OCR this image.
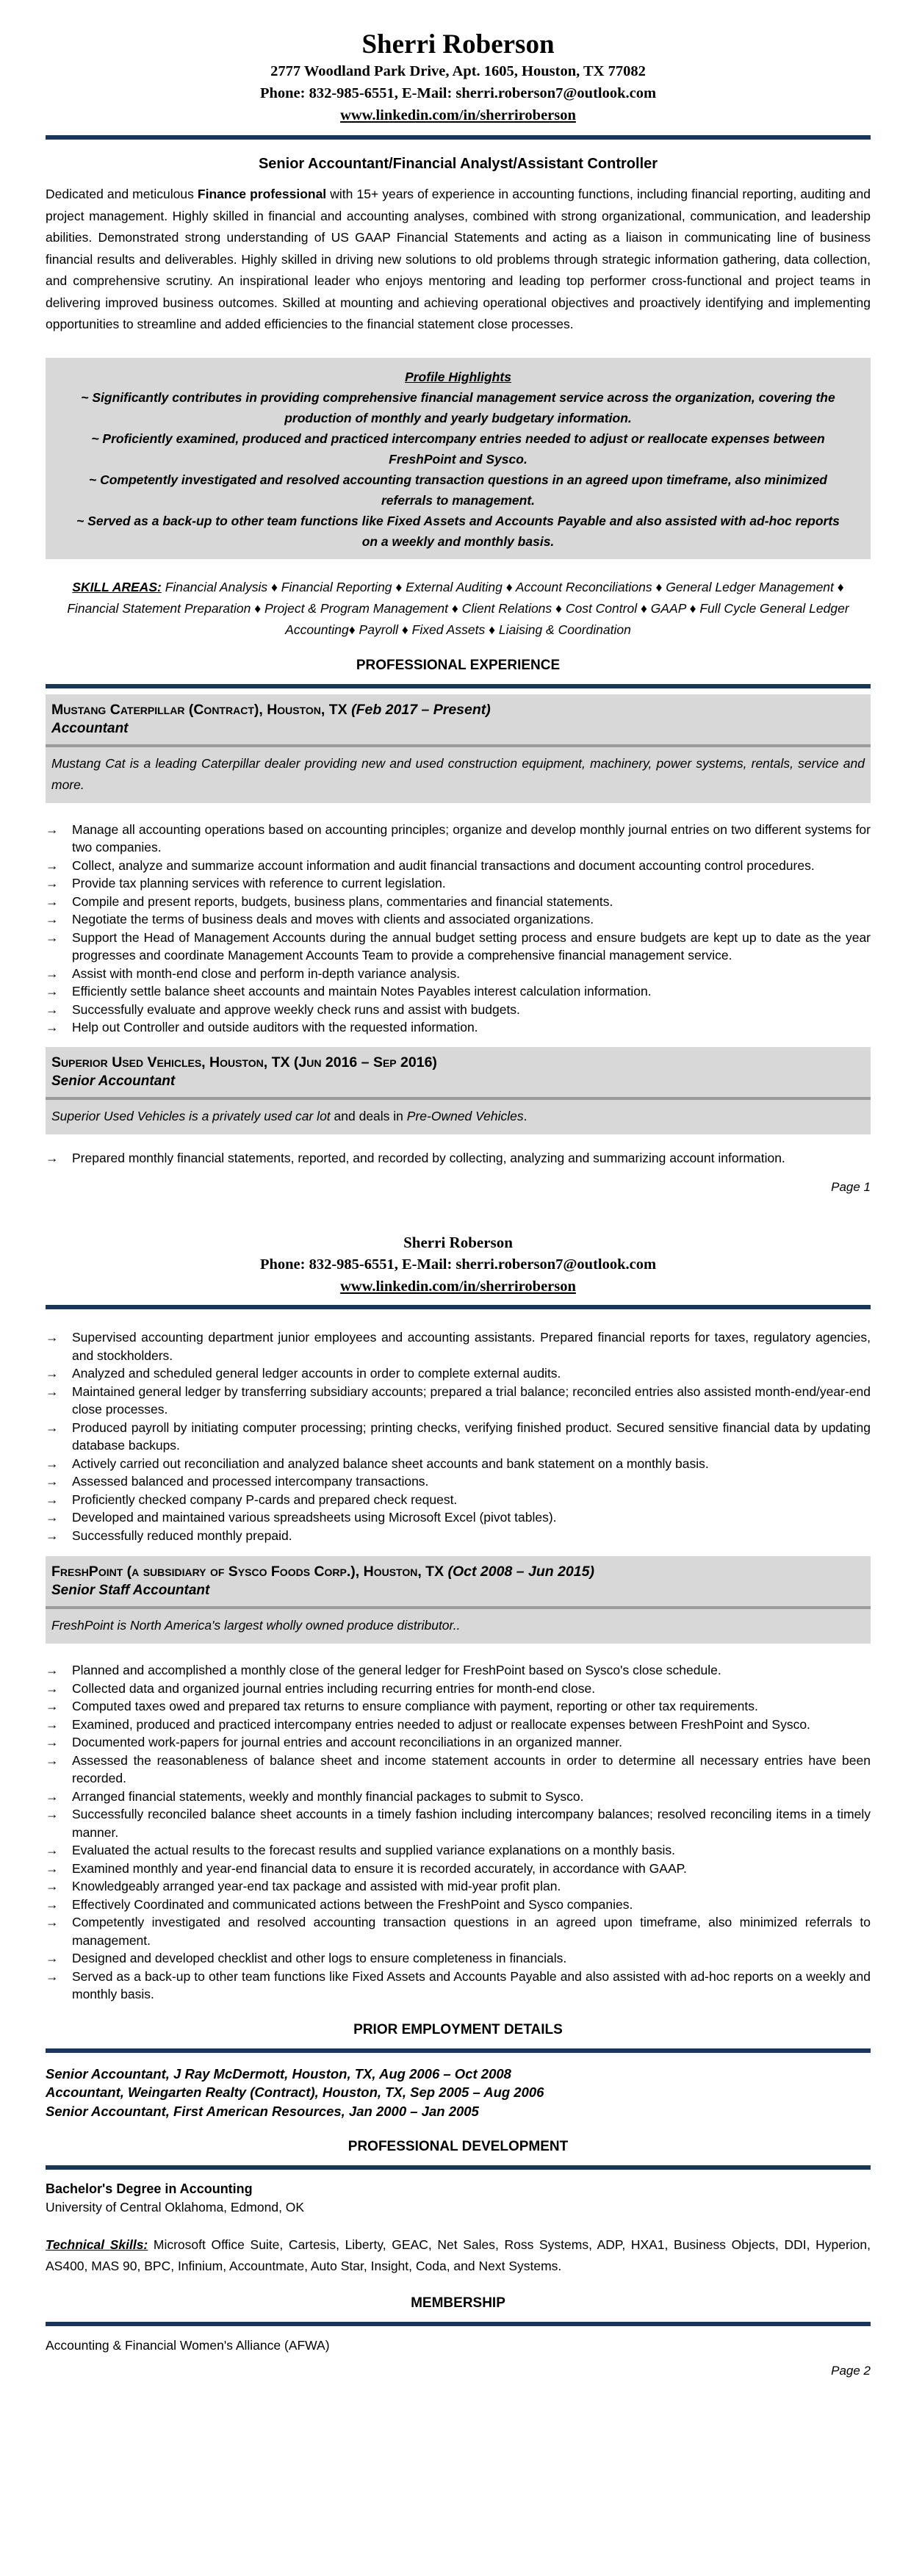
Sherri Roberson
2777 Woodland Park Drive, Apt. 1605, Houston, TX 77082
Phone: 832-985-6551, E-Mail: sherri.roberson7@outlook.com
www.linkedin.com/in/sherriroberson
Senior Accountant/Financial Analyst/Assistant Controller
Dedicated and meticulous Finance professional with 15+ years of experience in accounting functions, including financial reporting, auditing and project management. Highly skilled in financial and accounting analyses, combined with strong organizational, communication, and leadership abilities. Demonstrated strong understanding of US GAAP Financial Statements and acting as a liaison in communicating line of business financial results and deliverables. Highly skilled in driving new solutions to old problems through strategic information gathering, data collection, and comprehensive scrutiny. An inspirational leader who enjoys mentoring and leading top performer cross-functional and project teams in delivering improved business outcomes. Skilled at mounting and achieving operational objectives and proactively identifying and implementing opportunities to streamline and added efficiencies to the financial statement close processes.
Profile Highlights
~ Significantly contributes in providing comprehensive financial management service across the organization, covering the production of monthly and yearly budgetary information.
~ Proficiently examined, produced and practiced intercompany entries needed to adjust or reallocate expenses between FreshPoint and Sysco.
~ Competently investigated and resolved accounting transaction questions in an agreed upon timeframe, also minimized referrals to management.
~ Served as a back-up to other team functions like Fixed Assets and Accounts Payable and also assisted with ad-hoc reports on a weekly and monthly basis.
SKILL AREAS: Financial Analysis ♦ Financial Reporting ♦ External Auditing ♦ Account Reconciliations ♦ General Ledger Management ♦ Financial Statement Preparation ♦ Project & Program Management ♦ Client Relations ♦ Cost Control ♦ GAAP ♦ Full Cycle General Ledger Accounting♦ Payroll ♦ Fixed Assets ♦ Liaising & Coordination
PROFESSIONAL EXPERIENCE
Mustang Caterpillar (Contract), Houston, TX (Feb 2017 – Present)
Accountant
Mustang Cat is a leading Caterpillar dealer providing new and used construction equipment, machinery, power systems, rentals, service and more.
→	Manage all accounting operations based on accounting principles; organize and develop monthly journal entries on two different systems for two companies.
→	Collect, analyze and summarize account information and audit financial transactions and document accounting control procedures.
→	Provide tax planning services with reference to current legislation.
→	Compile and present reports, budgets, business plans, commentaries and financial statements.
→	Negotiate the terms of business deals and moves with clients and associated organizations.
→	Support the Head of Management Accounts during the annual budget setting process and ensure budgets are kept up to date as the year progresses and coordinate Management Accounts Team to provide a comprehensive financial management service.
→	Assist with month-end close and perform in-depth variance analysis.
→	Efficiently settle balance sheet accounts and maintain Notes Payables interest calculation information.
→	Successfully evaluate and approve weekly check runs and assist with budgets.
→	Help out Controller and outside auditors with the requested information.
Superior Used Vehicles, Houston, TX (Jun 2016 – Sep 2016)
Senior Accountant
Superior Used Vehicles is a privately used car lot and deals in Pre-Owned Vehicles.
→	Prepared monthly financial statements, reported, and recorded by collecting, analyzing and summarizing account information.
Page 1
Sherri Roberson
Phone: 832-985-6551, E-Mail: sherri.roberson7@outlook.com
www.linkedin.com/in/sherriroberson
→	Supervised accounting department junior employees and accounting assistants. Prepared financial reports for taxes, regulatory agencies, and stockholders.
→	Analyzed and scheduled general ledger accounts in order to complete external audits.
→	Maintained general ledger by transferring subsidiary accounts; prepared a trial balance; reconciled entries also assisted month-end/year-end close processes.
→	Produced payroll by initiating computer processing; printing checks, verifying finished product. Secured sensitive financial data by updating database backups.
→	Actively carried out reconciliation and analyzed balance sheet accounts and bank statement on a monthly basis.
→	Assessed balanced and processed intercompany transactions.
→	Proficiently checked company P-cards and prepared check request.
→	Developed and maintained various spreadsheets using Microsoft Excel (pivot tables).
→	Successfully reduced monthly prepaid.
FreshPoint (a subsidiary of Sysco Foods Corp.), Houston, TX (Oct 2008 – Jun 2015)
Senior Staff Accountant
FreshPoint is North America's largest wholly owned produce distributor..
→	Planned and accomplished a monthly close of the general ledger for FreshPoint based on Sysco's close schedule.
→	Collected data and organized journal entries including recurring entries for month-end close.
→	Computed taxes owed and prepared tax returns to ensure compliance with payment, reporting or other tax requirements.
→	Examined, produced and practiced intercompany entries needed to adjust or reallocate expenses between FreshPoint and Sysco.
→	Documented work-papers for journal entries and account reconciliations in an organized manner.
→	Assessed the reasonableness of balance sheet and income statement accounts in order to determine all necessary entries have been recorded.
→	Arranged financial statements, weekly and monthly financial packages to submit to Sysco.
→	Successfully reconciled balance sheet accounts in a timely fashion including intercompany balances; resolved reconciling items in a timely manner.
→	Evaluated the actual results to the forecast results and supplied variance explanations on a monthly basis.
→	Examined monthly and year-end financial data to ensure it is recorded accurately, in accordance with GAAP.
→	Knowledgeably arranged year-end tax package and assisted with mid-year profit plan.
→	Effectively Coordinated and communicated actions between the FreshPoint and Sysco companies.
→	Competently investigated and resolved accounting transaction questions in an agreed upon timeframe, also minimized referrals to management.
→	Designed and developed checklist and other logs to ensure completeness in financials.
→	Served as a back-up to other team functions like Fixed Assets and Accounts Payable and also assisted with ad-hoc reports on a weekly and monthly basis.
PRIOR EMPLOYMENT DETAILS
Senior Accountant, J Ray McDermott, Houston, TX, Aug 2006 – Oct 2008
Accountant, Weingarten Realty (Contract), Houston, TX, Sep 2005 – Aug 2006
Senior Accountant, First American Resources, Jan 2000 – Jan 2005
PROFESSIONAL DEVELOPMENT
Bachelor's Degree in Accounting
University of Central Oklahoma, Edmond, OK
Technical Skills: Microsoft Office Suite, Cartesis, Liberty, GEAC, Net Sales, Ross Systems, ADP, HXA1, Business Objects, DDI, Hyperion, AS400, MAS 90, BPC, Infinium, Accountmate, Auto Star, Insight, Coda, and Next Systems.
MEMBERSHIP
Accounting & Financial Women's Alliance (AFWA)
Page 2
